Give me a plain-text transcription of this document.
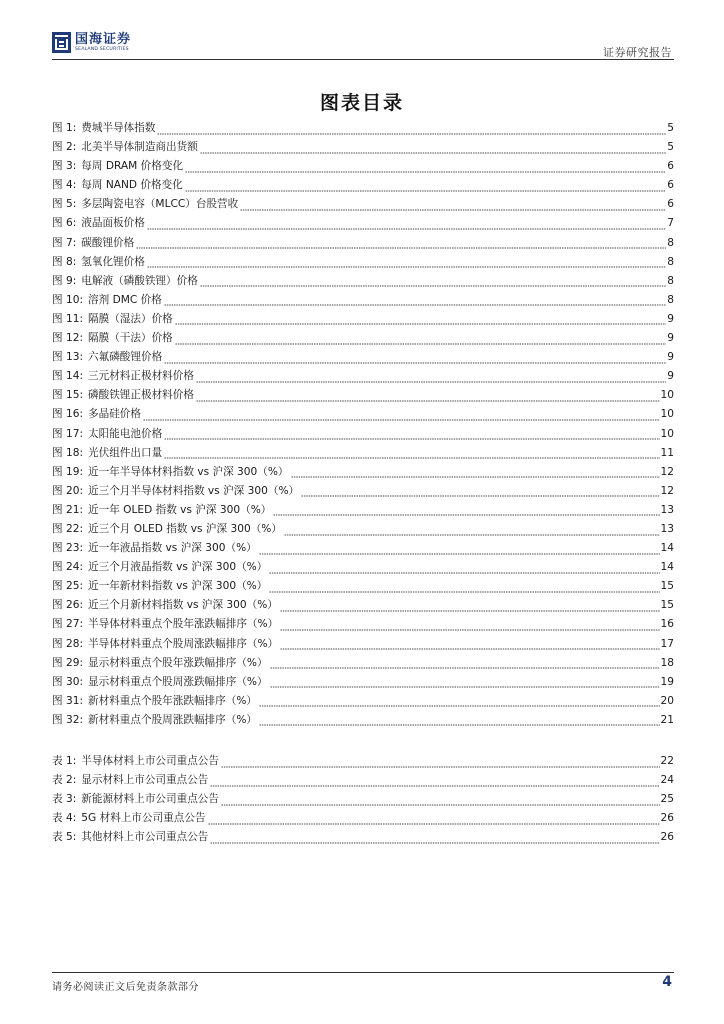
国海证券
SEALAND SECURITIES	证券研究报告
图表目录
图 1: 费城半导体指数	5
图 2: 北美半导体制造商出货额	5
图 3: 每周 DRAM 价格变化	6
图 4: 每周 NAND 价格变化	6
图 5: 多层陶瓷电容（MLCC）台股营收	6
图 6: 液晶面板价格	7
图 7: 碳酸锂价格	8
图 8: 氢氧化锂价格	8
图 9: 电解液（磷酸铁锂）价格	8
图 10: 溶剂 DMC 价格	8
图 11: 隔膜（湿法）价格	9
图 12: 隔膜（干法）价格	9
图 13: 六氟磷酸锂价格	9
图 14: 三元材料正极材料价格	9
图 15: 磷酸铁锂正极材料价格	10
图 16: 多晶硅价格	10
图 17: 太阳能电池价格	10
图 18: 光伏组件出口量	11
图 19: 近一年半导体材料指数 vs 沪深 300（%）	12
图 20: 近三个月半导体材料指数 vs 沪深 300（%）	12
图 21: 近一年 OLED 指数 vs 沪深 300（%）	13
图 22: 近三个月 OLED 指数 vs 沪深 300（%）	13
图 23: 近一年液晶指数 vs 沪深 300（%）	14
图 24: 近三个月液晶指数 vs 沪深 300（%）	14
图 25: 近一年新材料指数 vs 沪深 300（%）	15
图 26: 近三个月新材料指数 vs 沪深 300（%）	15
图 27: 半导体材料重点个股年涨跌幅排序（%）	16
图 28: 半导体材料重点个股周涨跌幅排序（%）	17
图 29: 显示材料重点个股年涨跌幅排序（%）	18
图 30: 显示材料重点个股周涨跌幅排序（%）	19
图 31: 新材料重点个股年涨跌幅排序（%）	20
图 32: 新材料重点个股周涨跌幅排序（%）	21
表 1: 半导体材料上市公司重点公告	22
表 2: 显示材料上市公司重点公告	24
表 3: 新能源材料上市公司重点公告	25
表 4: 5G 材料上市公司重点公告	26
表 5: 其他材料上市公司重点公告	26
请务必阅读正文后免责条款部分	4
